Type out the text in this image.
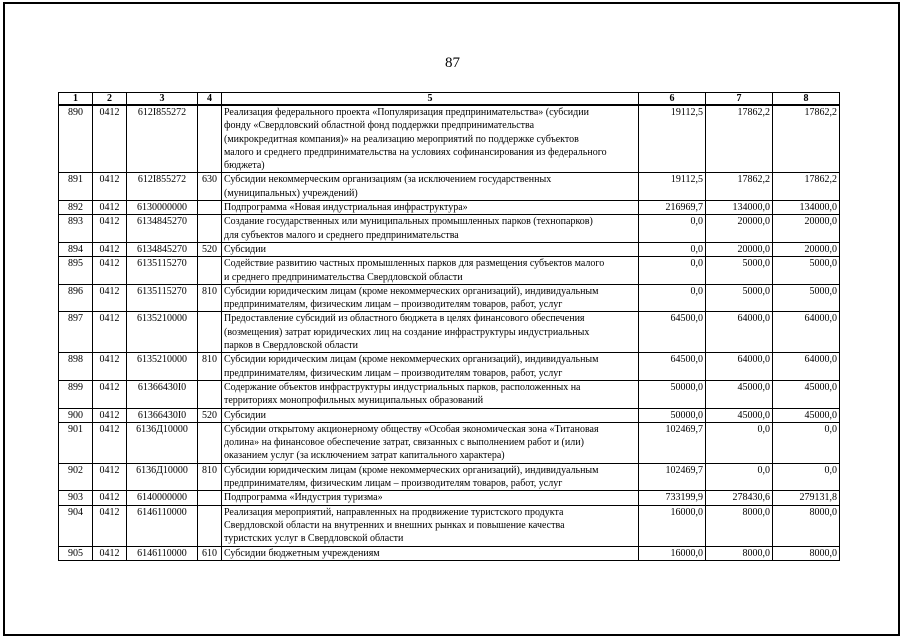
87
1	2	3	4	5	6	7	8
890	0412	612I855272		Реализация федерального проекта «Популяризация предпринимательства» (субсидии
фонду «Свердловский областной фонд поддержки предпринимательства
(микрокредитная компания)» на реализацию мероприятий по поддержке субъектов
малого и среднего предпринимательства на условиях софинансирования из федерального
бюджета)	19112,5	17862,2	17862,2
891	0412	612I855272	630	Субсидии некоммерческим организациям (за исключением государственных
(муниципальных) учреждений)	19112,5	17862,2	17862,2
892	0412	6130000000		Подпрограмма «Новая индустриальная инфраструктура»	216969,7	134000,0	134000,0
893	0412	6134845270		Создание государственных или муниципальных промышленных парков (технопарков)
для субъектов малого и среднего предпринимательства	0,0	20000,0	20000,0
894	0412	6134845270	520	Субсидии	0,0	20000,0	20000,0
895	0412	6135115270		Содействие развитию частных промышленных парков для размещения субъектов малого
и среднего предпринимательства Свердловской области	0,0	5000,0	5000,0
896	0412	6135115270	810	Субсидии юридическим лицам (кроме некоммерческих организаций), индивидуальным
предпринимателям, физическим лицам – производителям товаров, работ, услуг	0,0	5000,0	5000,0
897	0412	6135210000		Предоставление субсидий из областного бюджета в целях финансового обеспечения
(возмещения) затрат юридических лиц на создание инфраструктуры индустриальных
парков в Свердловской области	64500,0	64000,0	64000,0
898	0412	6135210000	810	Субсидии юридическим лицам (кроме некоммерческих организаций), индивидуальным
предпринимателям, физическим лицам – производителям товаров, работ, услуг	64500,0	64000,0	64000,0
899	0412	61366430I0		Содержание объектов инфраструктуры индустриальных парков, расположенных на
территориях монопрофильных муниципальных образований	50000,0	45000,0	45000,0
900	0412	61366430I0	520	Субсидии	50000,0	45000,0	45000,0
901	0412	6136Д10000		Субсидии открытому акционерному обществу «Особая экономическая зона «Титановая
долина» на финансовое обеспечение затрат, связанных с выполнением работ и (или)
оказанием услуг (за исключением затрат капитального характера)	102469,7	0,0	0,0
902	0412	6136Д10000	810	Субсидии юридическим лицам (кроме некоммерческих организаций), индивидуальным
предпринимателям, физическим лицам – производителям товаров, работ, услуг	102469,7	0,0	0,0
903	0412	6140000000		Подпрограмма «Индустрия туризма»	733199,9	278430,6	279131,8
904	0412	6146110000		Реализация мероприятий, направленных на продвижение туристского продукта
Свердловской области на внутренних и внешних рынках и повышение качества
туристских услуг в Свердловской области	16000,0	8000,0	8000,0
905	0412	6146110000	610	Субсидии бюджетным учреждениям	16000,0	8000,0	8000,0
